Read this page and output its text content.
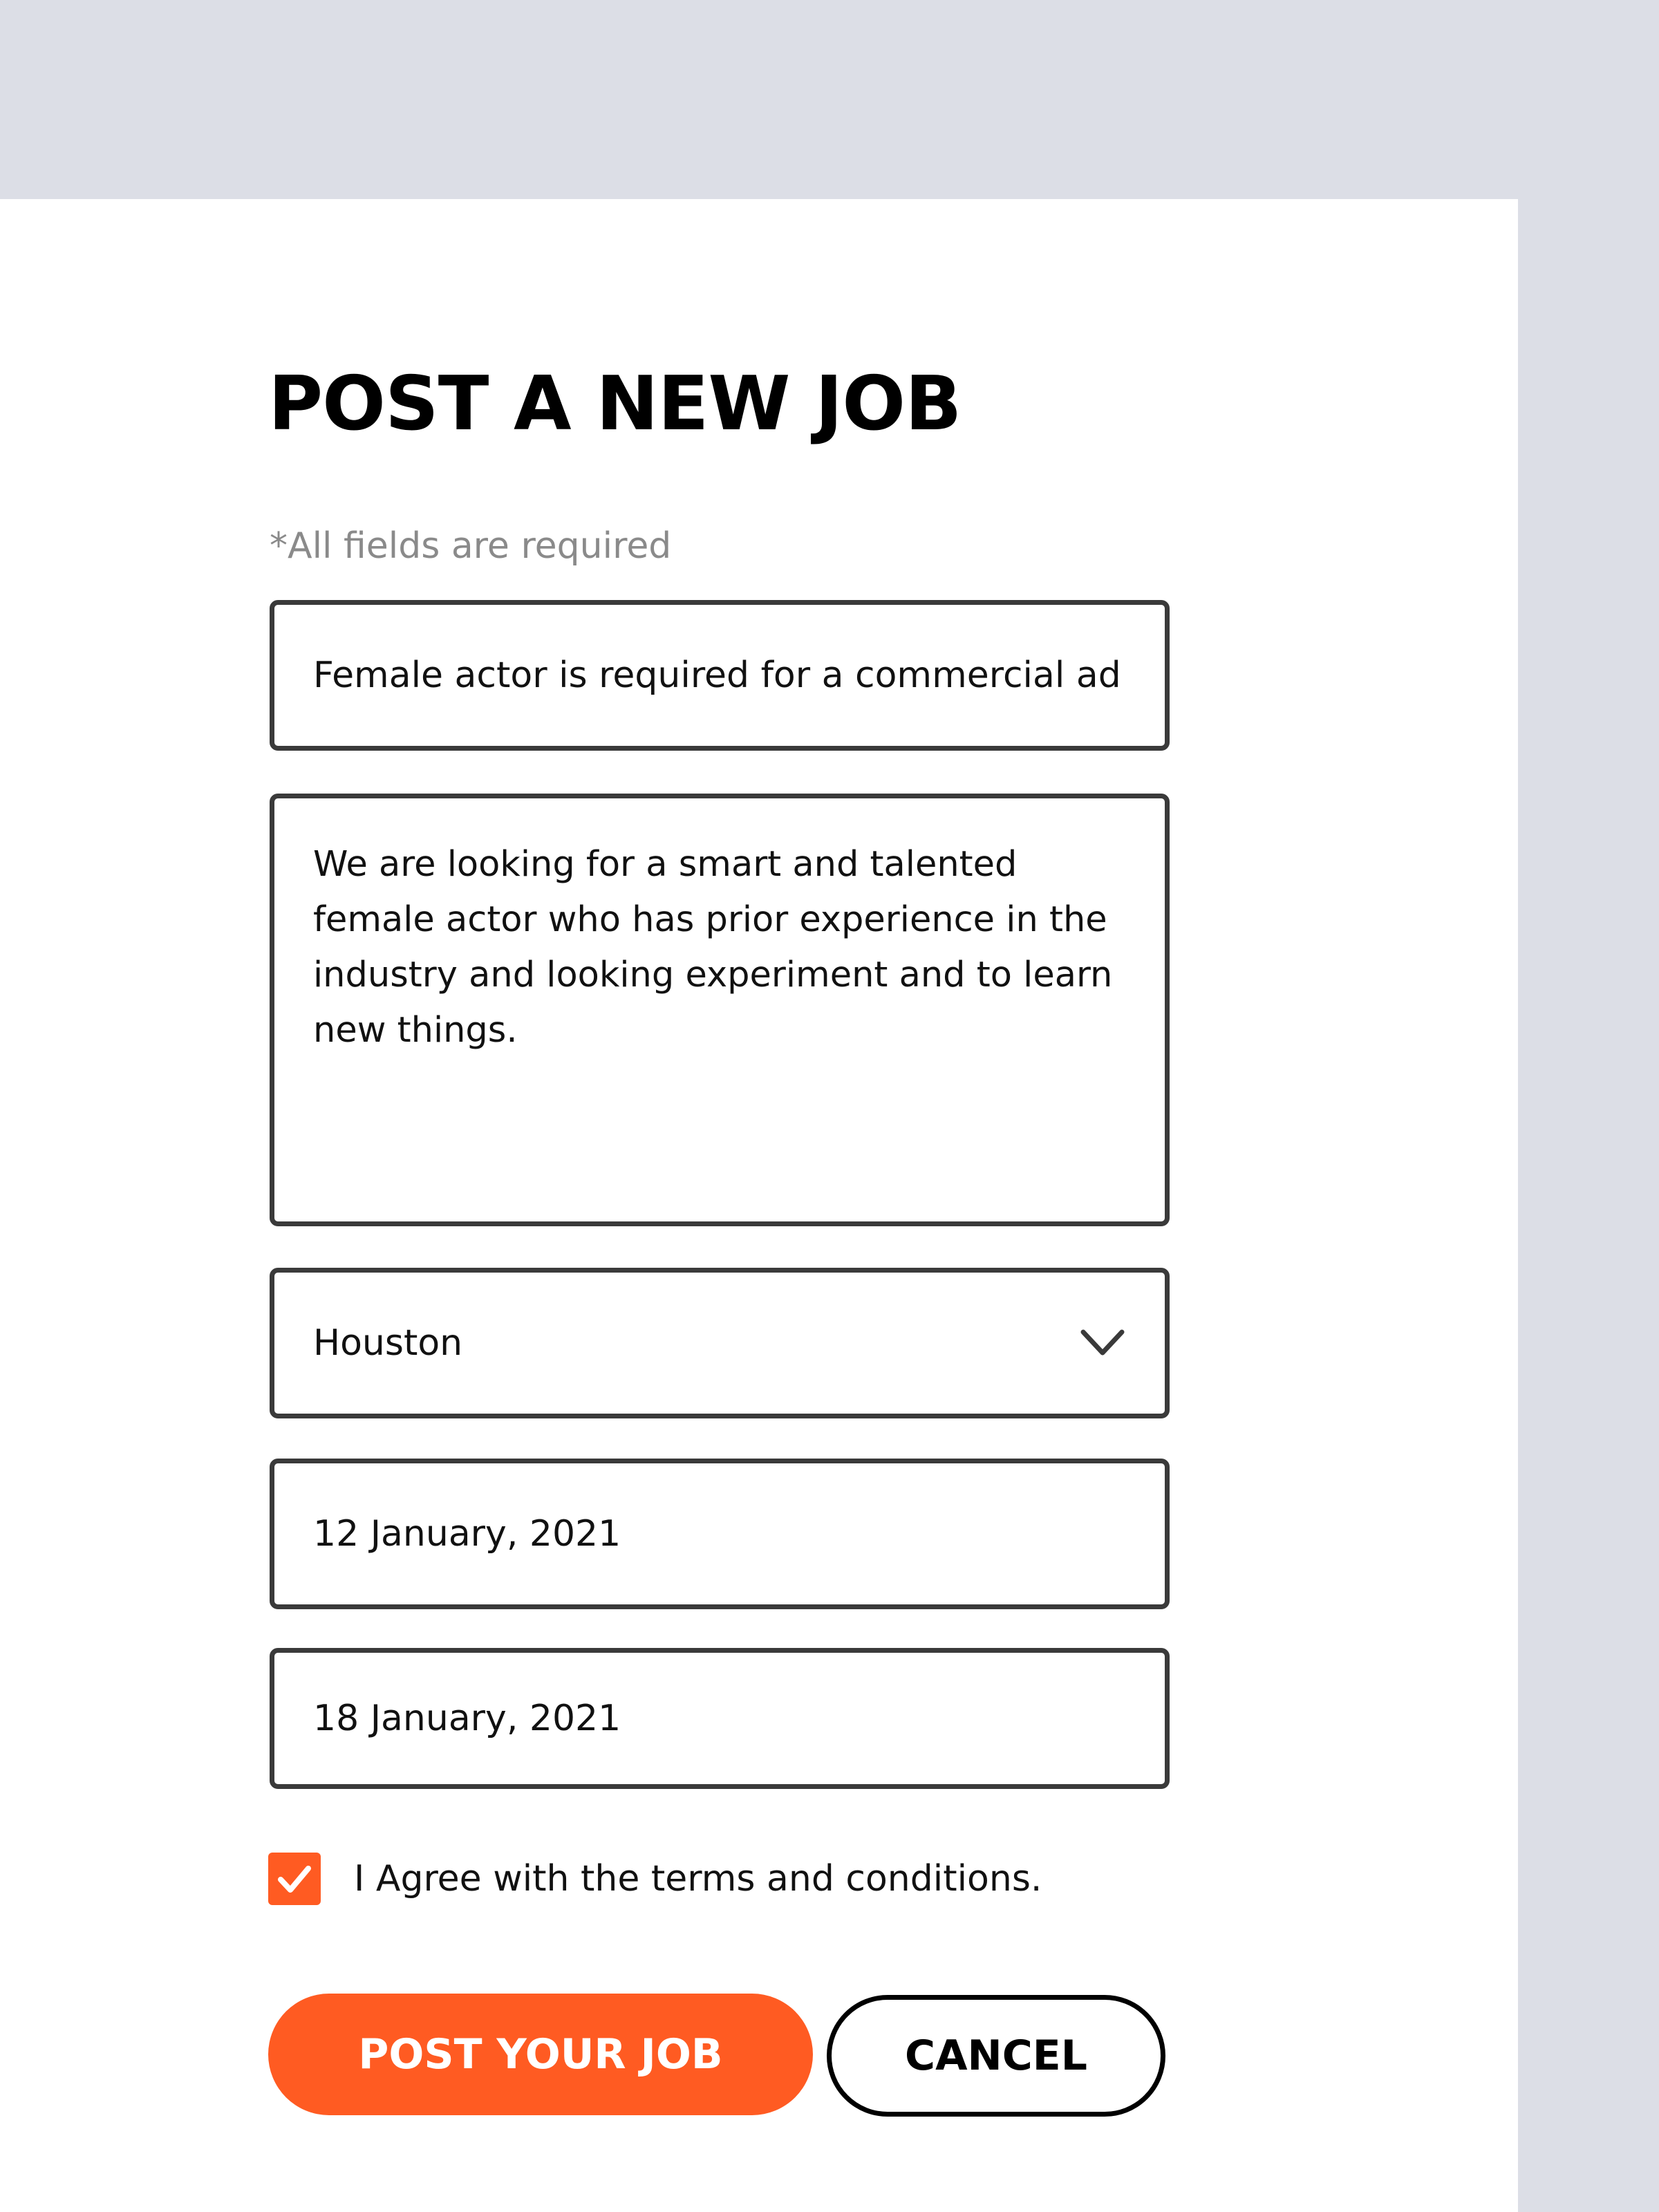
POST A NEW JOB
*All fields are required
Female actor is required for a commercial ad
We are looking for a smart and talented female actor who has prior experience in the industry and looking experiment and to learn new things.
Houston
12 January, 2021
18 January, 2021
I Agree with the terms and conditions.
POST YOUR JOB	CANCEL
